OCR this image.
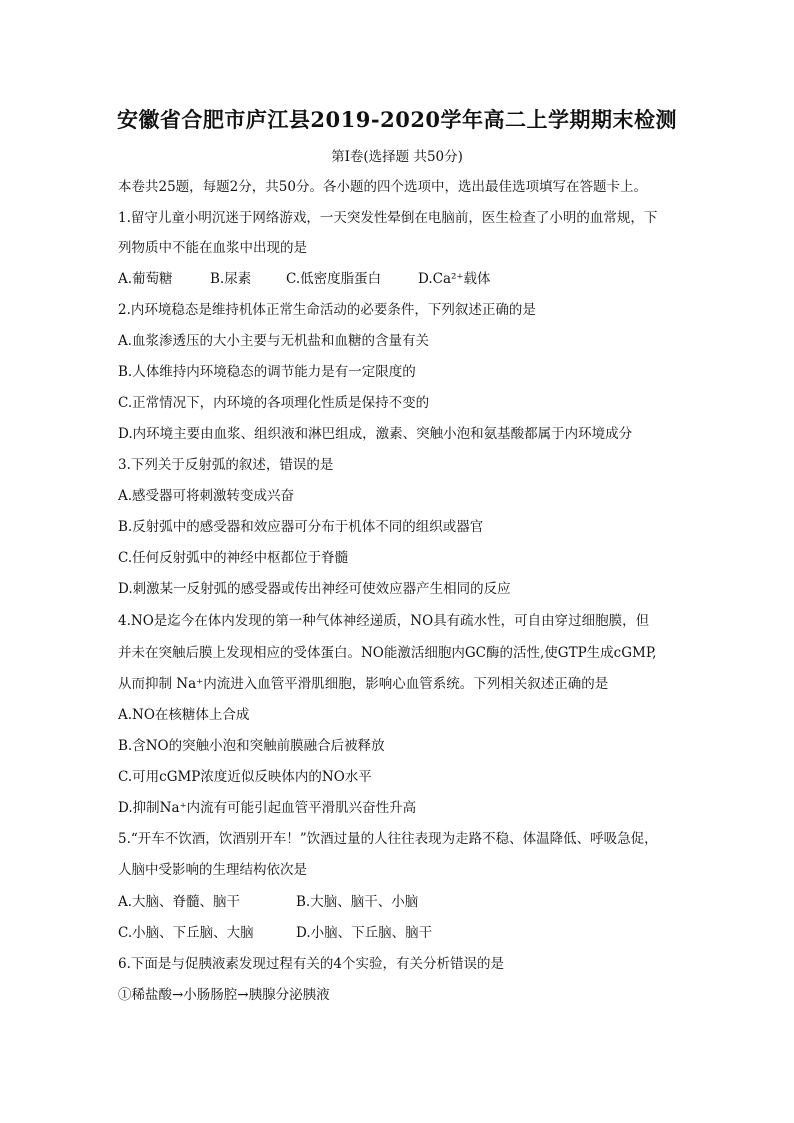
安徽省合肥市庐江县2019-2020学年高二上学期期末检测
第Ⅰ卷(选择题 共50分)
本卷共25题，每题2分，共50分。各小题的四个选项中，选出最佳选项填写在答题卡上。
1.留守儿童小明沉迷于网络游戏，一天突发性晕倒在电脑前，医生检查了小明的血常规，下
列物质中不能在血浆中出现的是
A.葡萄糖	B.尿素	C.低密度脂蛋白	D.Ca²⁺载体
2.内环境稳态是维持机体正常生命活动的必要条件，下列叙述正确的是
A.血浆渗透压的大小主要与无机盐和血糖的含量有关
B.人体维持内环境稳态的调节能力是有一定限度的
C.正常情况下，内环境的各项理化性质是保持不变的
D.内环境主要由血浆、组织液和淋巴组成，激素、突触小泡和氨基酸都属于内环境成分
3.下列关于反射弧的叙述，错误的是
A.感受器可将刺激转变成兴奋
B.反射弧中的感受器和效应器可分布于机体不同的组织或器官
C.任何反射弧中的神经中枢都位于脊髓
D.刺激某一反射弧的感受器或传出神经可使效应器产生相同的反应
4.NO是迄今在体内发现的第一种气体神经递质，NO具有疏水性，可自由穿过细胞膜，但
并未在突触后膜上发现相应的受体蛋白。NO能激活细胞内GC酶的活性,使GTP生成cGMP,
从而抑制 Na⁺内流进入血管平滑肌细胞，影响心血管系统。下列相关叙述正确的是
A.NO在核糖体上合成
B.含NO的突触小泡和突触前膜融合后被释放
C.可用cGMP浓度近似反映体内的NO水平
D.抑制Na⁺内流有可能引起血管平滑肌兴奋性升高
5.“开车不饮酒，饮酒别开车！”饮酒过量的人往往表现为走路不稳、体温降低、呼吸急促，
人脑中受影响的生理结构依次是
A.大脑、脊髓、脑干	B.大脑、脑干、小脑
C.小脑、下丘脑、大脑	D.小脑、下丘脑、脑干
6.下面是与促胰液素发现过程有关的4个实验，有关分析错误的是
①稀盐酸→小肠肠腔→胰腺分泌胰液
